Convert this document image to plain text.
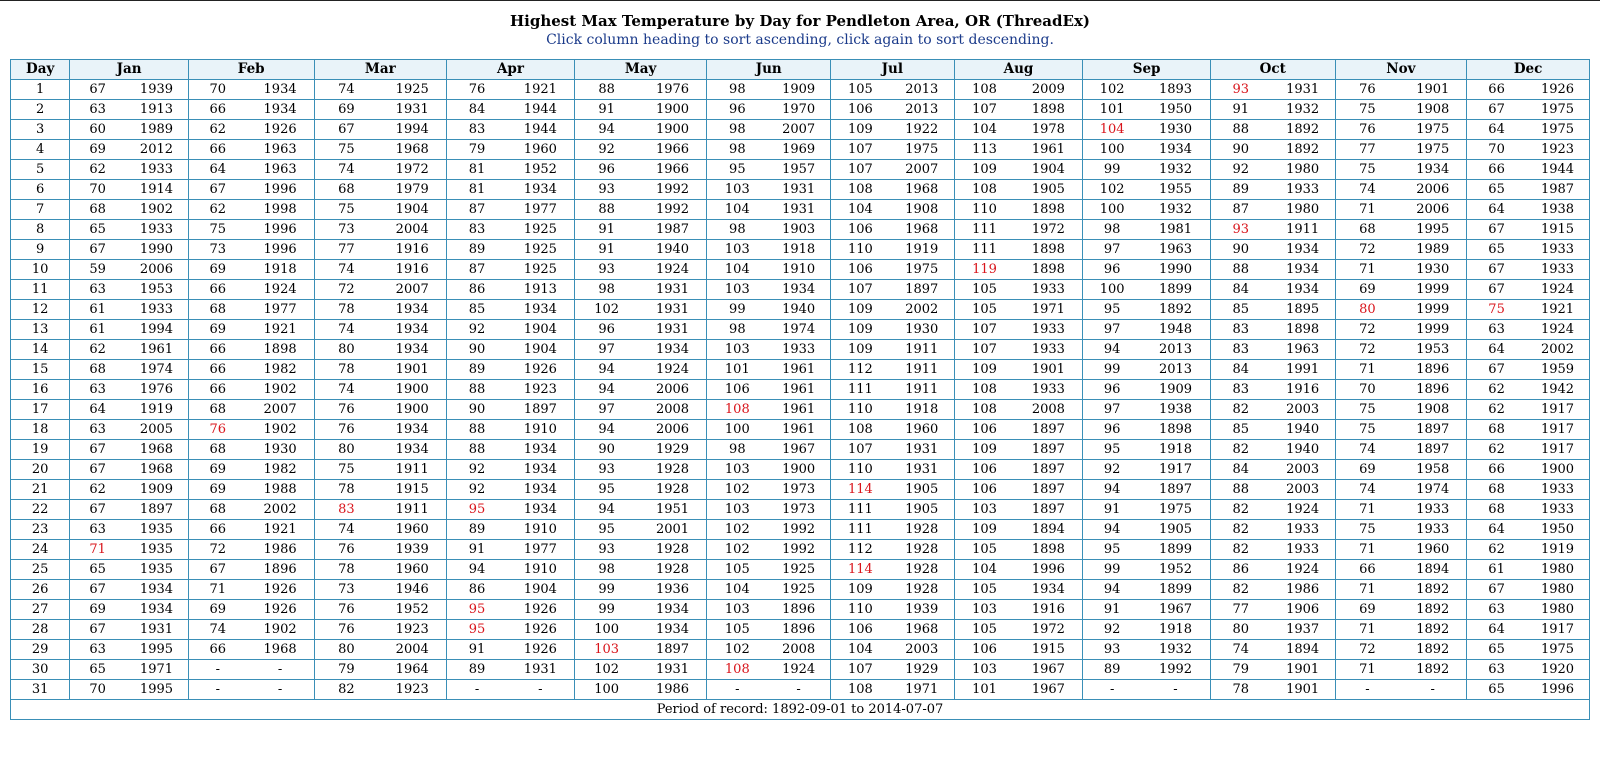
Highest Max Temperature by Day for Pendleton Area, OR (ThreadEx)
Click column heading to sort ascending, click again to sort descending.
Day	Jan		Feb		Mar		Apr		May		Jun		Jul		Aug		Sep		Oct		Nov		Dec	
1	67	1939	70	1934	74	1925	76	1921	88	1976	98	1909	105	2013	108	2009	102	1893	93	1931	76	1901	66	1926
2	63	1913	66	1934	69	1931	84	1944	91	1900	96	1970	106	2013	107	1898	101	1950	91	1932	75	1908	67	1975
3	60	1989	62	1926	67	1994	83	1944	94	1900	98	2007	109	1922	104	1978	104	1930	88	1892	76	1975	64	1975
4	69	2012	66	1963	75	1968	79	1960	92	1966	98	1969	107	1975	113	1961	100	1934	90	1892	77	1975	70	1923
5	62	1933	64	1963	74	1972	81	1952	96	1966	95	1957	107	2007	109	1904	99	1932	92	1980	75	1934	66	1944
6	70	1914	67	1996	68	1979	81	1934	93	1992	103	1931	108	1968	108	1905	102	1955	89	1933	74	2006	65	1987
7	68	1902	62	1998	75	1904	87	1977	88	1992	104	1931	104	1908	110	1898	100	1932	87	1980	71	2006	64	1938
8	65	1933	75	1996	73	2004	83	1925	91	1987	98	1903	106	1968	111	1972	98	1981	93	1911	68	1995	67	1915
9	67	1990	73	1996	77	1916	89	1925	91	1940	103	1918	110	1919	111	1898	97	1963	90	1934	72	1989	65	1933
10	59	2006	69	1918	74	1916	87	1925	93	1924	104	1910	106	1975	119	1898	96	1990	88	1934	71	1930	67	1933
11	63	1953	66	1924	72	2007	86	1913	98	1931	103	1934	107	1897	105	1933	100	1899	84	1934	69	1999	67	1924
12	61	1933	68	1977	78	1934	85	1934	102	1931	99	1940	109	2002	105	1971	95	1892	85	1895	80	1999	75	1921
13	61	1994	69	1921	74	1934	92	1904	96	1931	98	1974	109	1930	107	1933	97	1948	83	1898	72	1999	63	1924
14	62	1961	66	1898	80	1934	90	1904	97	1934	103	1933	109	1911	107	1933	94	2013	83	1963	72	1953	64	2002
15	68	1974	66	1982	78	1901	89	1926	94	1924	101	1961	112	1911	109	1901	99	2013	84	1991	71	1896	67	1959
16	63	1976	66	1902	74	1900	88	1923	94	2006	106	1961	111	1911	108	1933	96	1909	83	1916	70	1896	62	1942
17	64	1919	68	2007	76	1900	90	1897	97	2008	108	1961	110	1918	108	2008	97	1938	82	2003	75	1908	62	1917
18	63	2005	76	1902	76	1934	88	1910	94	2006	100	1961	108	1960	106	1897	96	1898	85	1940	75	1897	68	1917
19	67	1968	68	1930	80	1934	88	1934	90	1929	98	1967	107	1931	109	1897	95	1918	82	1940	74	1897	62	1917
20	67	1968	69	1982	75	1911	92	1934	93	1928	103	1900	110	1931	106	1897	92	1917	84	2003	69	1958	66	1900
21	62	1909	69	1988	78	1915	92	1934	95	1928	102	1973	114	1905	106	1897	94	1897	88	2003	74	1974	68	1933
22	67	1897	68	2002	83	1911	95	1934	94	1951	103	1973	111	1905	103	1897	91	1975	82	1924	71	1933	68	1933
23	63	1935	66	1921	74	1960	89	1910	95	2001	102	1992	111	1928	109	1894	94	1905	82	1933	75	1933	64	1950
24	71	1935	72	1986	76	1939	91	1977	93	1928	102	1992	112	1928	105	1898	95	1899	82	1933	71	1960	62	1919
25	65	1935	67	1896	78	1960	94	1910	98	1928	105	1925	114	1928	104	1996	99	1952	86	1924	66	1894	61	1980
26	67	1934	71	1926	73	1946	86	1904	99	1936	104	1925	109	1928	105	1934	94	1899	82	1986	71	1892	67	1980
27	69	1934	69	1926	76	1952	95	1926	99	1934	103	1896	110	1939	103	1916	91	1967	77	1906	69	1892	63	1980
28	67	1931	74	1902	76	1923	95	1926	100	1934	105	1896	106	1968	105	1972	92	1918	80	1937	71	1892	64	1917
29	63	1995	66	1968	80	2004	91	1926	103	1897	102	2008	104	2003	106	1915	93	1932	74	1894	72	1892	65	1975
30	65	1971	-	-	79	1964	89	1931	102	1931	108	1924	107	1929	103	1967	89	1992	79	1901	71	1892	63	1920
31	70	1995	-	-	82	1923	-	-	100	1986	-	-	108	1971	101	1967	-	-	78	1901	-	-	65	1996
Period of record: 1892-09-01 to 2014-07-07																								
